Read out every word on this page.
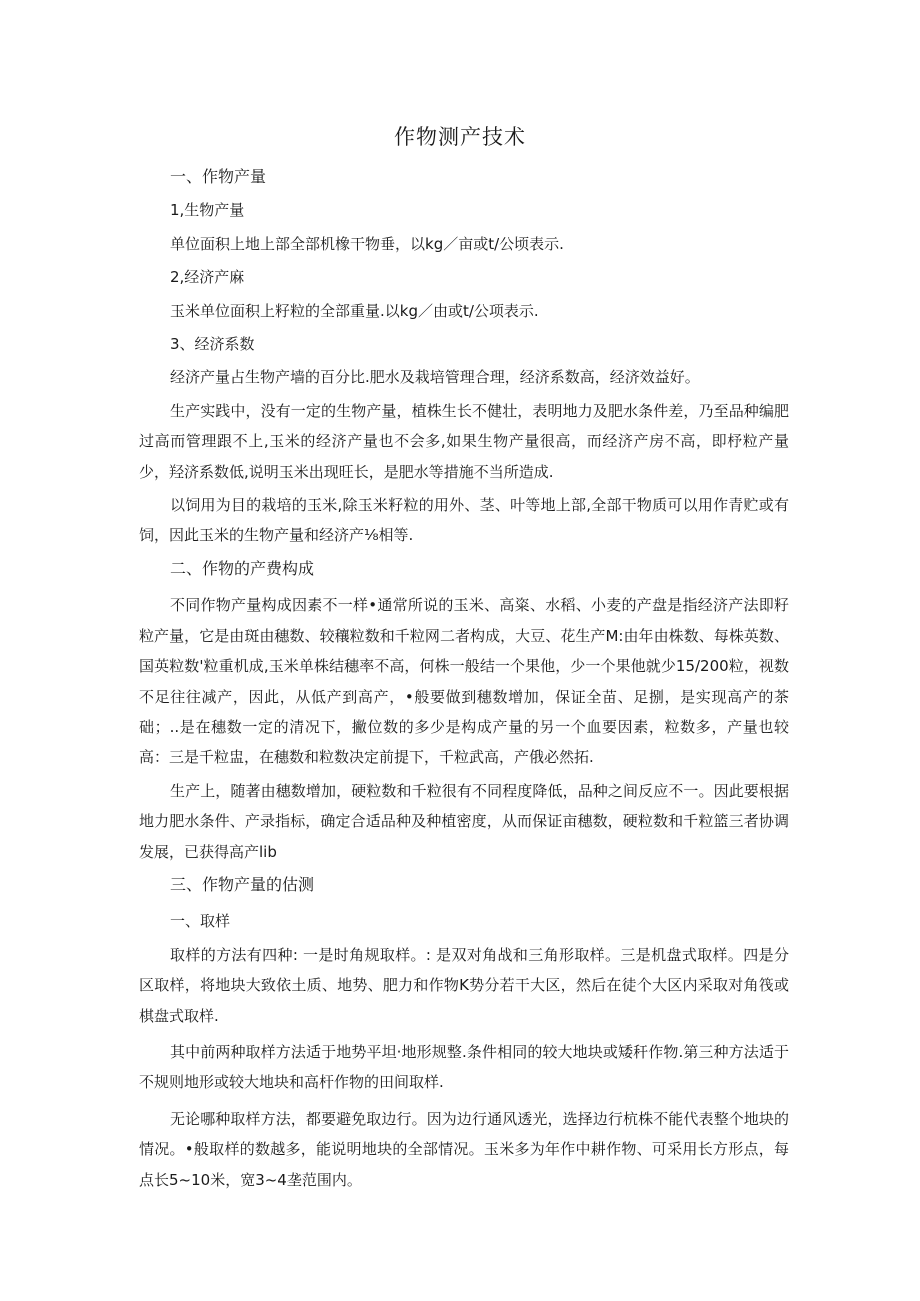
作物测产技术

一、作物产量

1,生物产量

单位面积上地上部全部机橡干物垂，以kg／亩或t/公顷表示.

2,经济产麻

玉米单位面积上籽粒的全部重量.以kg／由或t/公项表示.

3、经济系数

经济产量占生物产墙的百分比.肥水及栽培管理合理，经济系数高，经济效益好。

生产实践中，没有一定的生物产量，植株生长不健壮，表明地力及肥水条件差，乃至品种编肥过高而管理跟不上,玉米的经济产量也不会多,如果生物产量很高，而经济产房不高，即杼粒产量少，羟济系数低,说明玉米出现旺长，是肥水等措施不当所造成.

以饲用为目的栽培的玉米,除玉米籽粒的用外、茎、叶等地上部,全部干物质可以用作青贮或有饲，因此玉米的生物产量和经济产⅛相等.

二、作物的产费构成

不同作物产量构成因素不一样•通常所说的玉米、高粢、水稻、小麦的产盘是指经济产法即籽粒产量，它是由斑由穗数、较穰粒数和千粒网二者构成，大豆、花生产M:由年由株数、每株英数、国英粒数'粒重机成,玉米单株结穗率不高，何株一般结一个果他，少一个果他就少15/200粒，视数不足往往减产，因此，从低产到高产，•般要做到穗数增加，保证全苗、足捌，是实现高产的茶础；..是在穗数一定的清况下，撇位数的多少是构成产量的另一个血要因素，粒数多，产量也较高：三是千粒盅，在穗数和粒数决定前提下，千粒武高，产俄必然拓.

生产上，随著由穗数增加，硬粒数和千粒很有不同程度降低，品种之间反应不一。因此要根据地力肥水条件、产录指标，确定合适品种及种植密度，从而保证亩穗数，硬粒数和千粒篮三者协调发展，已获得高产lib

三、作物产量的估测

一、取样

取样的方法有四种: 一是时角规取样。: 是双对角战和三角形取样。三是机盘式取样。四是分区取样，将地块大致依土质、地势、肥力和作物K势分若干大区，然后在徒个大区内采取对角筏或棋盘式取样.

其中前两种取样方法适于地势平坦·地形规整.条件相同的较大地块或矮秆作物.第三种方法适于不规则地形或较大地块和高杆作物的田间取样.

无论哪种取样方法，都要避免取边行。因为边行通风透光，选择边行杭株不能代表整个地块的情况。•般取样的数越多，能说明地块的全部情况。玉米多为年作中耕作物、可采用长方形点，每点长5~10米，宽3~4垄范围内。
